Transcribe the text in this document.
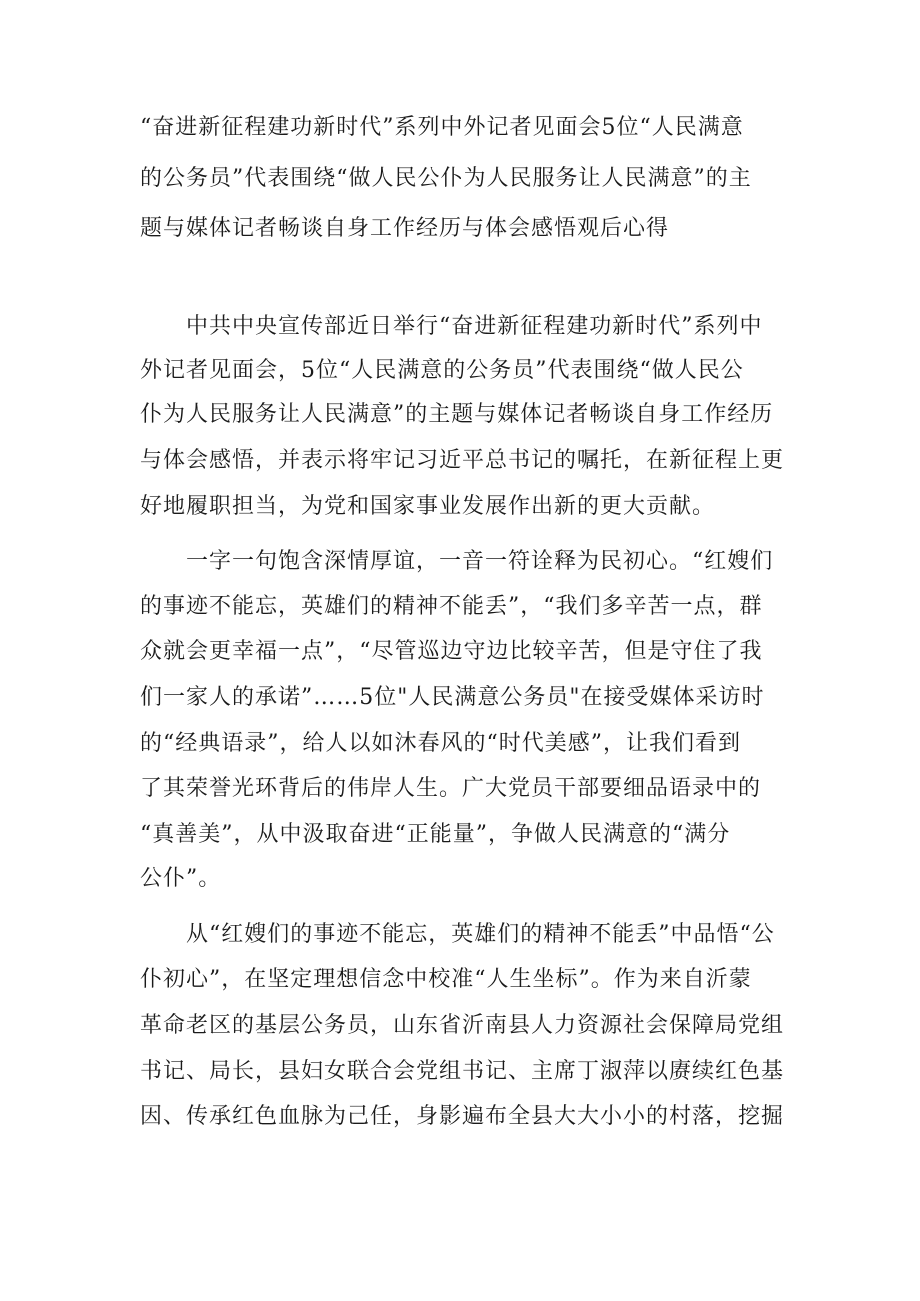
“奋进新征程建功新时代”系列中外记者见面会5位“人民满意

的公务员”代表围绕“做人民公仆为人民服务让人民满意”的主

题与媒体记者畅谈自身工作经历与体会感悟观后心得

中共中央宣传部近日举行“奋进新征程建功新时代”系列中

外记者见面会，5位“人民满意的公务员”代表围绕“做人民公

仆为人民服务让人民满意”的主题与媒体记者畅谈自身工作经历

与体会感悟，并表示将牢记习近平总书记的嘱托，在新征程上更

好地履职担当，为党和国家事业发展作出新的更大贡献。

一字一句饱含深情厚谊，一音一符诠释为民初心。“红嫂们

的事迹不能忘，英雄们的精神不能丢”，“我们多辛苦一点，群

众就会更幸福一点”，“尽管巡边守边比较辛苦，但是守住了我

们一家人的承诺”……5位"人民满意公务员"在接受媒体采访时

的“经典语录”，给人以如沐春风的“时代美感”，让我们看到

了其荣誉光环背后的伟岸人生。广大党员干部要细品语录中的

“真善美”，从中汲取奋进“正能量”，争做人民满意的“满分

公仆”。

从“红嫂们的事迹不能忘，英雄们的精神不能丢”中品悟“公

仆初心”，在坚定理想信念中校准“人生坐标”。作为来自沂蒙

革命老区的基层公务员，山东省沂南县人力资源社会保障局党组

书记、局长，县妇女联合会党组书记、主席丁淑萍以赓续红色基

因、传承红色血脉为己任，身影遍布全县大大小小的村落，挖掘
